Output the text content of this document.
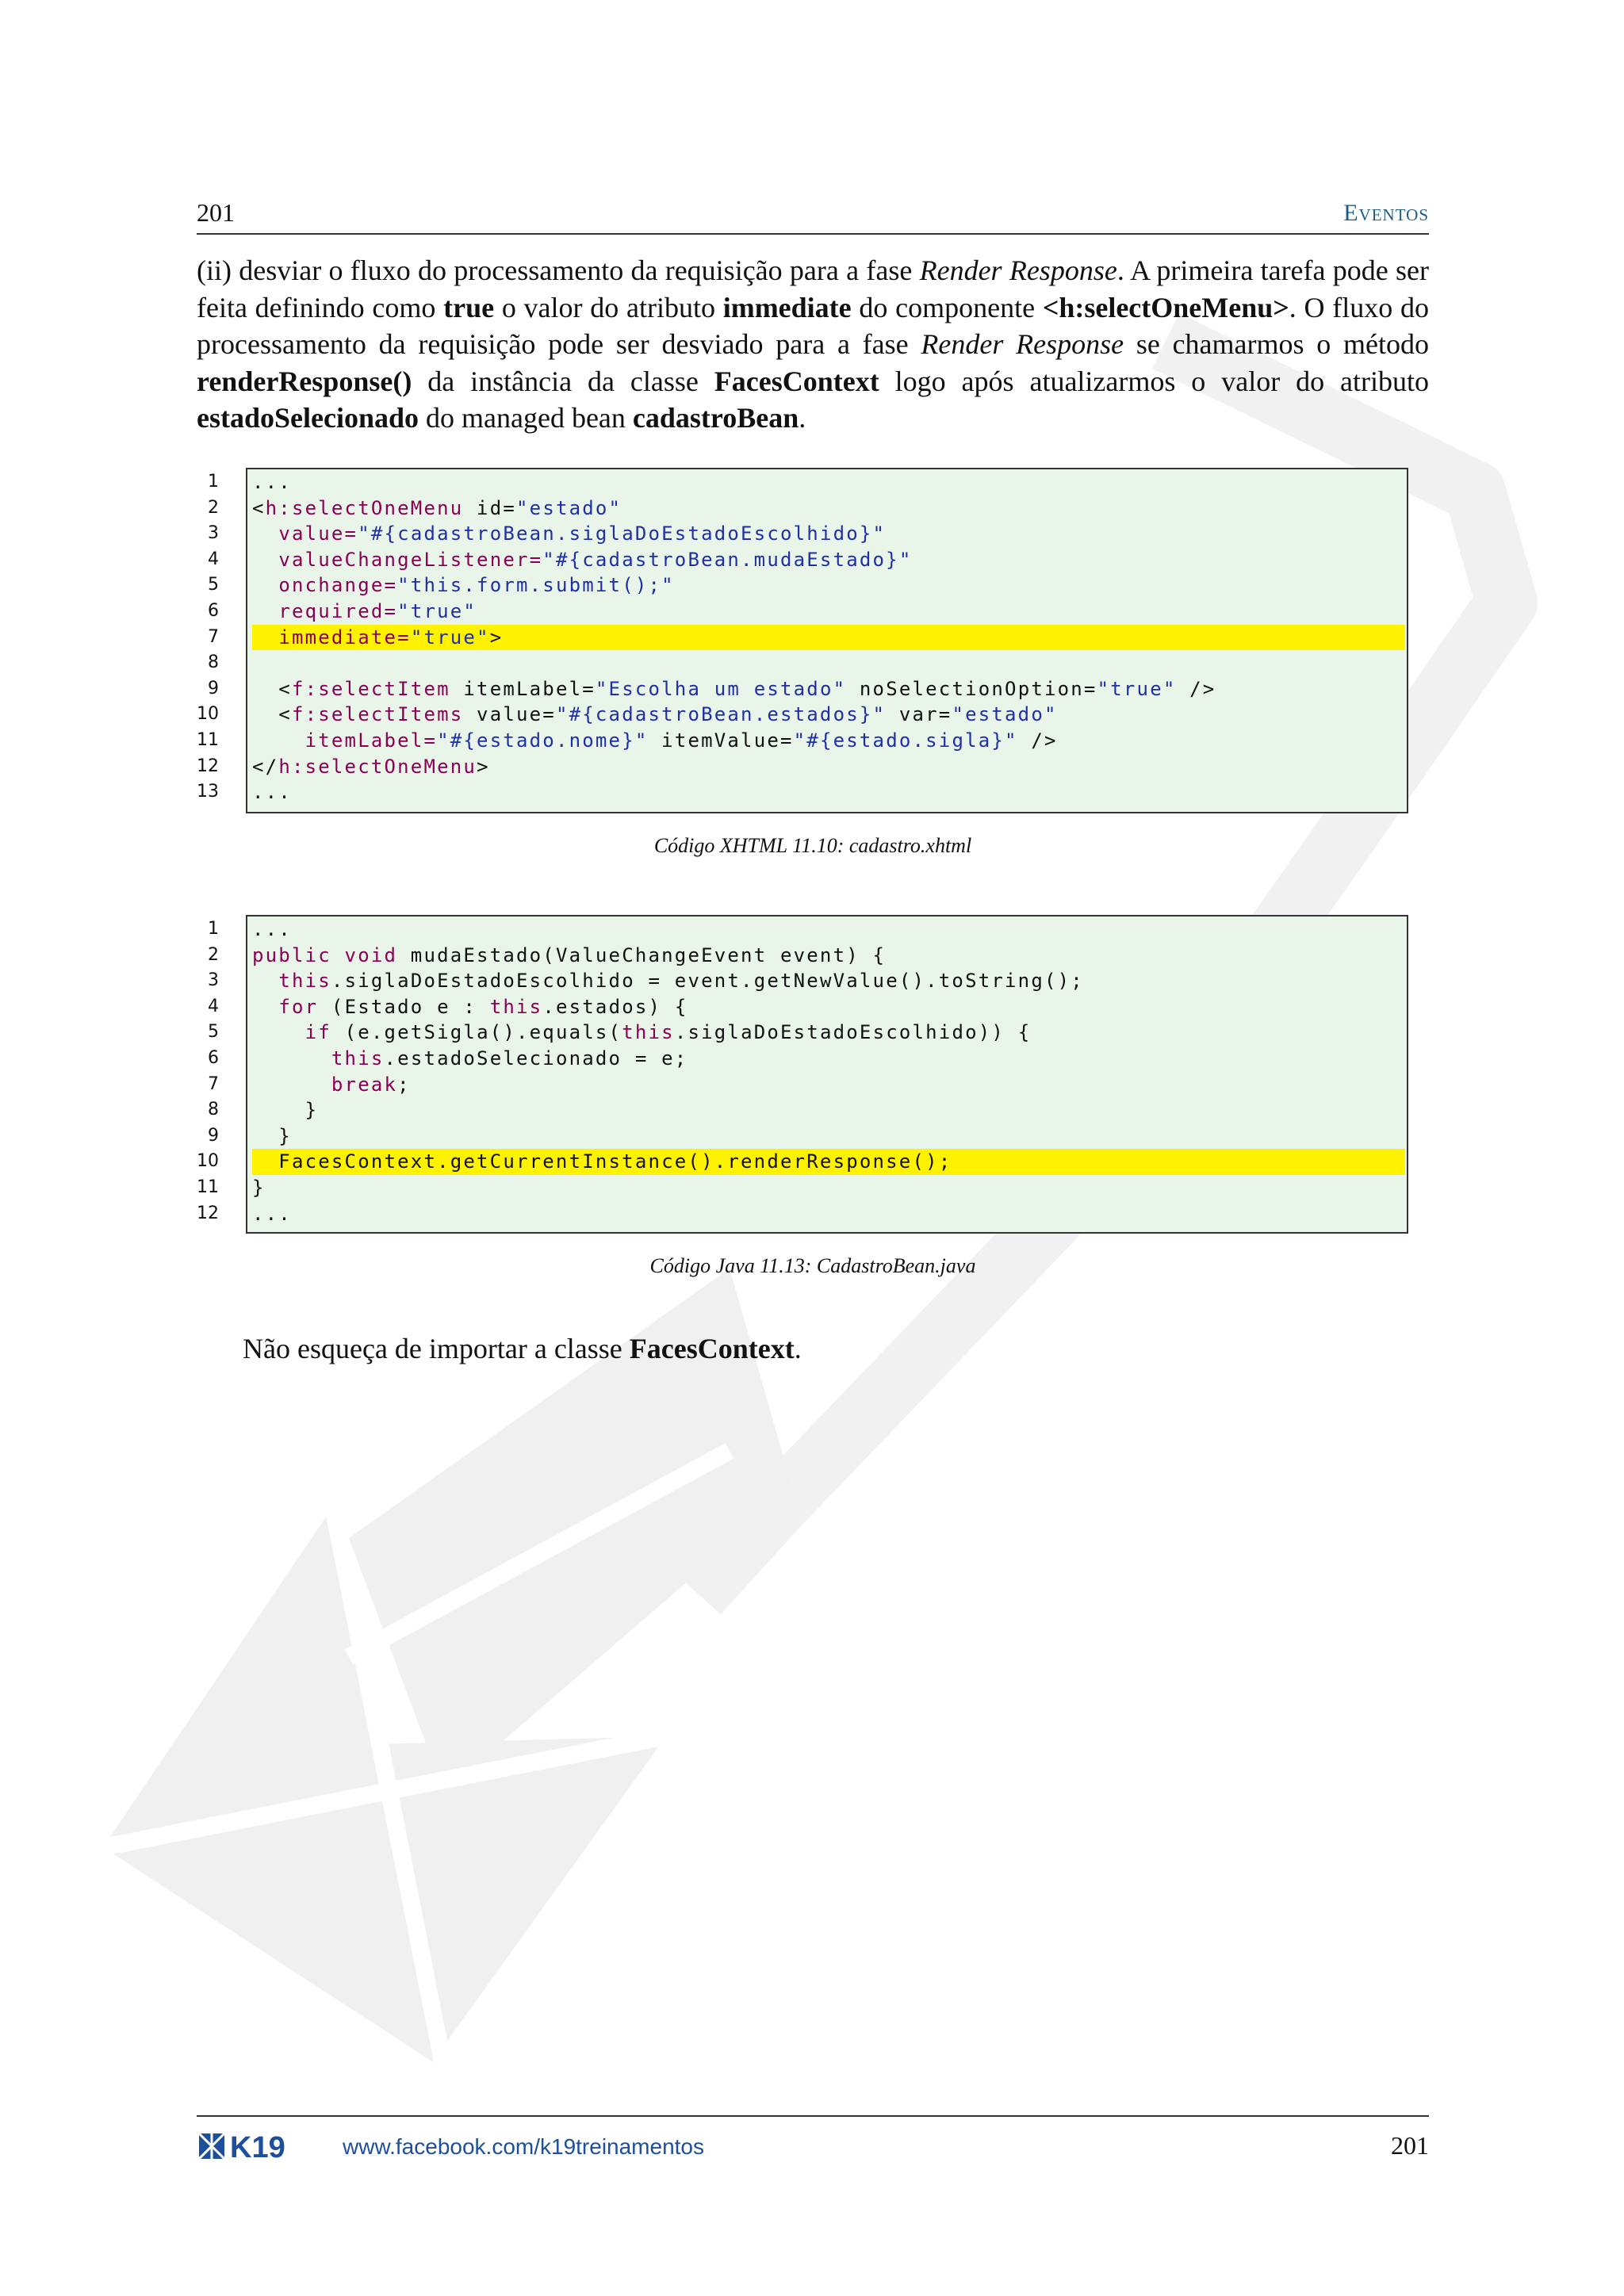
201	Eventos
(ii) desviar o fluxo do processamento da requisição para a fase Render Response. A primeira tarefa pode ser feita definindo como true o valor do atributo immediate do componente <h:selectOneMenu>. O fluxo do processamento da requisição pode ser desviado para a fase Render Response se chamarmos o método renderResponse() da instância da classe FacesContext logo após atualizarmos o valor do atributo estadoSelecionado do managed bean cadastroBean.
1 ...
2 <h:selectOneMenu id="estado"
3	value="#{cadastroBean.siglaDoEstadoEscolhido}"
4	valueChangeListener="#{cadastroBean.mudaEstado}"
5	onchange="this.form.submit();"
6	required="true"
7	immediate="true">
8

9 <f:selectItem itemLabel="Escolha um estado" noSelectionOption="true" />
10 <f:selectItems value="#{cadastroBean.estados}" var="estado"
11	itemLabel="#{estado.nome}" itemValue="#{estado.sigla}" />
12 </h:selectOneMenu>
13 ...
Código XHTML 11.10: cadastro.xhtml
1 ...
2 public void mudaEstado(ValueChangeEvent event) {
3	this.siglaDoEstadoEscolhido = event.getNewValue().toString();
4	for (Estado e : this.estados) {
5	if (e.getSigla().equals(this.siglaDoEstadoEscolhido)) {
6	this.estadoSelecionado = e;
7	break;
8 }
9 }
10 FacesContext.getCurrentInstance().renderResponse();
11 }
12 ...
Código Java 11.13: CadastroBean.java
Não esqueça de importar a classe FacesContext.
K19	www.facebook.com/k19treinamentos	201
